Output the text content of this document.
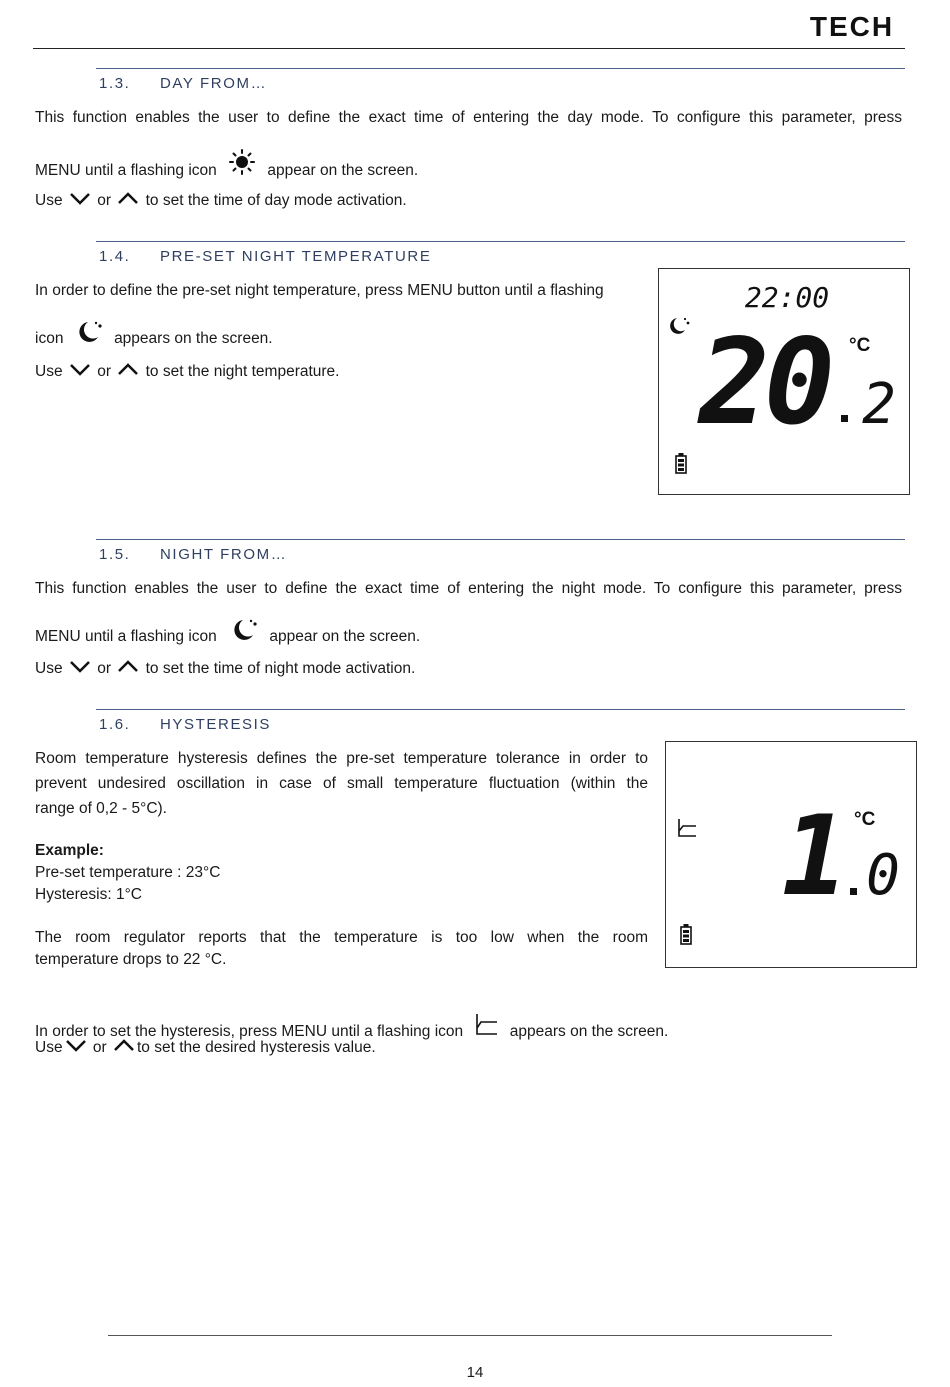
TECH
1.3. DAY FROM…
This function enables the user to define the exact time of entering the day mode. To configure this parameter, press
MENU until a flashing icon	appear on the screen.
Use or to set the time of day mode activation.
1.4. PRE-SET NIGHT TEMPERATURE
In order to define the pre-set night temperature, press MENU button until a flashing
icon	appears on the screen.
Use or to set the night temperature.
22:00
20 2
°C
1.5. NIGHT FROM…
This function enables the user to define the exact time of entering the night mode. To configure this parameter, press
MENU until a flashing icon	appear on the screen.
Use or to set the time of night mode activation.
1.6. HYSTERESIS
Room temperature hysteresis defines the pre-set temperature tolerance in order to
prevent undesired oscillation in case of small temperature fluctuation (within the
range of 0,2 - 5°C).
Example:
Pre-set temperature : 23°C
Hysteresis: 1°C
The room regulator reports that the temperature is too low when the room
temperature drops to 22 °C.
In order to set the hysteresis, press MENU until a flashing icon	appears on the screen.
Use or to set the desired hysteresis value.
1 0
°C
14
